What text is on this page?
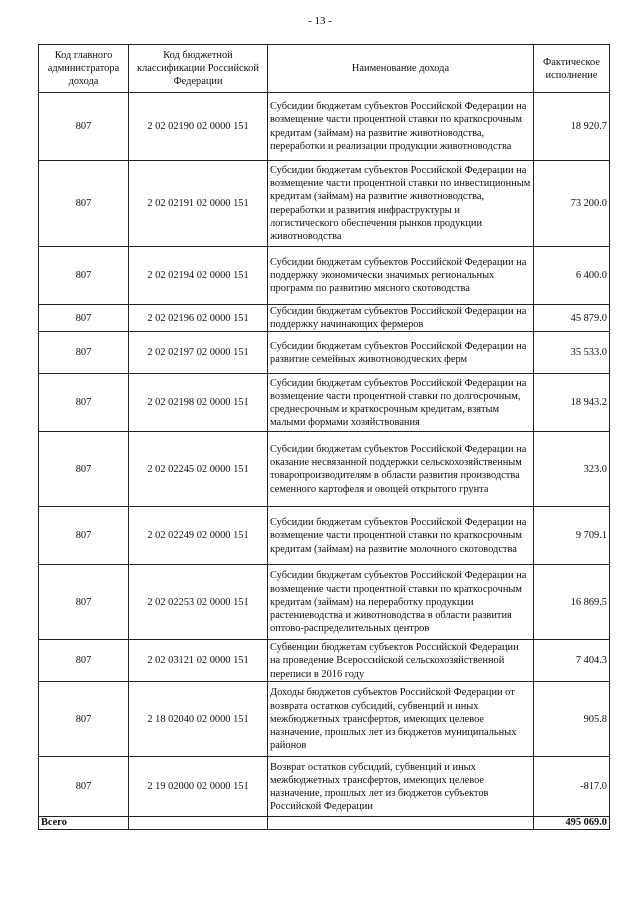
- 13 -
Код главного администратора дохода	Код бюджетной классификации Российской Федерации	Наименование дохода	Фактическое исполнение
807	2 02 02190 02 0000 151	Субсидии бюджетам субъектов Российской Федерации на возмещение части процентной ставки по краткосрочным кредитам (займам) на развитие животноводства, переработки и реализации продукции животноводства	18 920.7
807	2 02 02191 02 0000 151	Субсидии бюджетам субъектов Российской Федерации на возмещение части процентной ставки по инвестиционным кредитам (займам) на развитие животноводства, переработки и развития инфраструктуры и логистического обеспечения рынков продукции животноводства	73 200.0
807	2 02 02194 02 0000 151	Субсидии бюджетам субъектов Российской Федерации на поддержку экономически значимых региональных программ по развитию мясного скотоводства	6 400.0
807	2 02 02196 02 0000 151	Субсидии бюджетам субъектов Российской Федерации на поддержку начинающих фермеров	45 879.0
807	2 02 02197 02 0000 151	Субсидии бюджетам субъектов Российской Федерации на развитие семейных животноводческих ферм	35 533.0
807	2 02 02198 02 0000 151	Субсидии бюджетам субъектов Российской Федерации на возмещение части процентной ставки по долгосрочным, среднесрочным и краткосрочным кредитам, взятым малыми формами хозяйствования	18 943.2
807	2 02 02245 02 0000 151	Субсидии бюджетам субъектов Российской Федерации на оказание несвязанной поддержки сельскохозяйственным товаропроизводителям в области развития производства семенного картофеля и овощей открытого грунта	323.0
807	2 02 02249 02 0000 151	Субсидии бюджетам субъектов Российской Федерации на возмещение части процентной ставки по краткосрочным кредитам (займам) на развитие молочного скотоводства	9 709.1
807	2 02 02253 02 0000 151	Субсидии бюджетам субъектов Российской Федерации на возмещение части процентной ставки по краткосрочным кредитам (займам) на переработку продукции растениеводства и животноводства в области развития оптово-распределительных центров	16 869.5
807	2 02 03121 02 0000 151	Субвенции бюджетам субъектов Российской Федерации на проведение Всероссийской сельскохозяйственной переписи в 2016 году	7 404.3
807	2 18 02040 02 0000 151	Доходы бюджетов субъектов Российской Федерации от возврата остатков субсидий, субвенций и иных межбюджетных трансфертов, имеющих целевое назначение, прошлых лет из бюджетов муниципальных районов	905.8
807	2 19 02000 02 0000 151	Возврат остатков субсидий, субвенций и иных межбюджетных трансфертов, имеющих целевое назначение, прошлых лет из бюджетов субъектов Российской Федерации	-817.0
Всего			495 069.0
